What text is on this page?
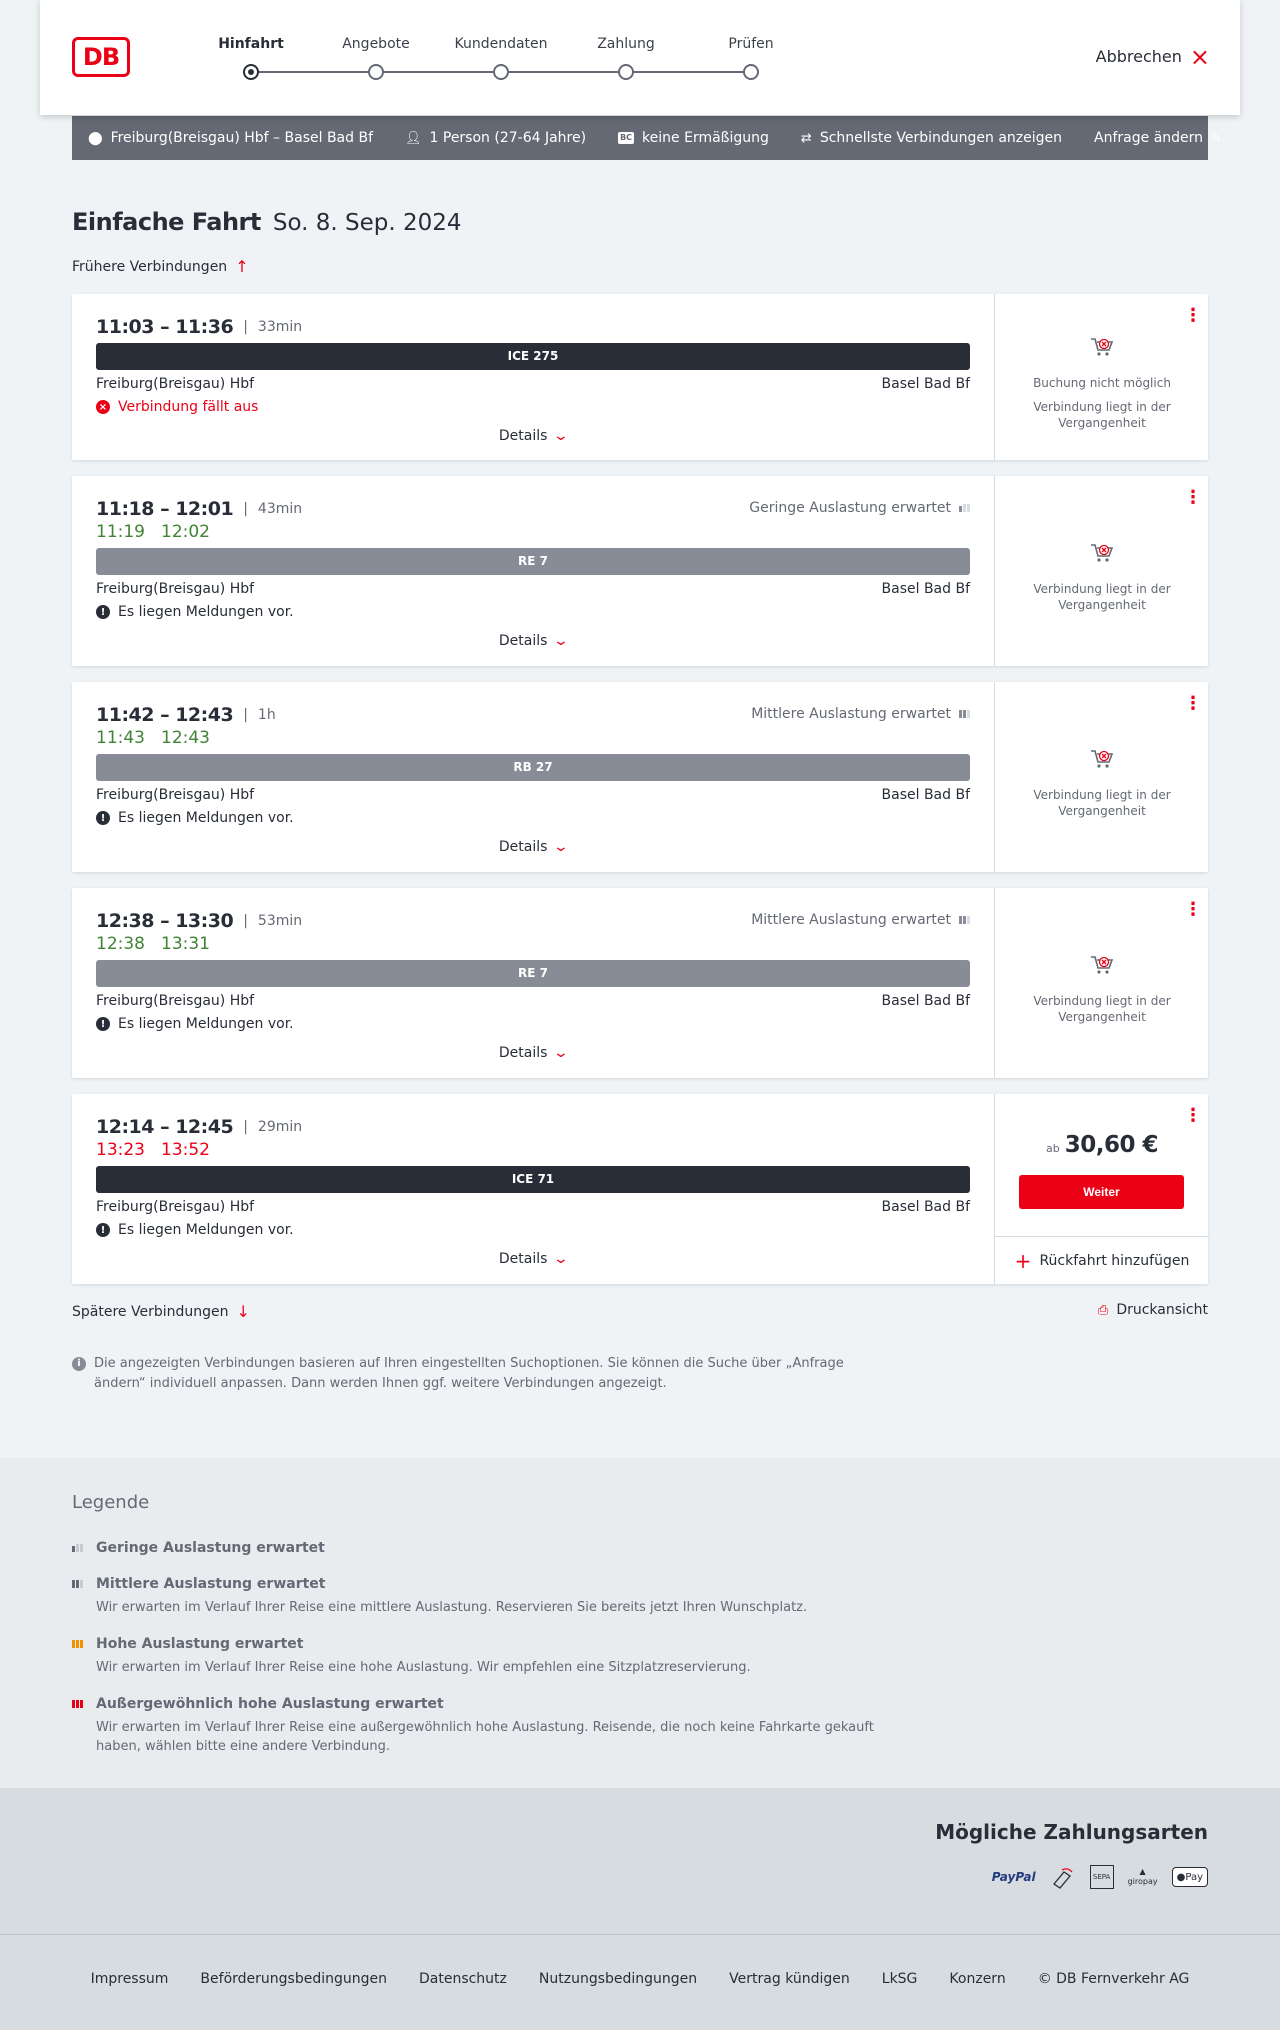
DB	Hinfahrt	Angebote	Kundendaten	Zahlung	Prüfen
Abbrechen ×
⬤ Freiburg(Breisgau) Hbf – Basel Bad Bf 👤︎ 1 Person (27-64 Jahre)	BC keine Ermäßigung ⇄ Schnellste Verbindungen anzeigen Anfrage ändern ✎
Einfache Fahrt So. 8. Sep. 2024
Frühere Verbindungen ↑
11:03 – 11:36 | 33min
ICE 275
Freiburg(Breisgau) Hbf	Basel Bad Bf
× Verbindung fällt aus
Details ⌄
⋮
Buchung nicht möglich
Verbindung liegt in der Vergangenheit
11:18 – 12:01 | 43min
11:19 12:02
Geringe Auslastung erwartet
RE 7
Freiburg(Breisgau) Hbf	Basel Bad Bf
! Es liegen Meldungen vor.
Details ⌄
⋮
Verbindung liegt in der Vergangenheit
11:42 – 12:43 | 1h
11:43 12:43
Mittlere Auslastung erwartet
RB 27
Freiburg(Breisgau) Hbf	Basel Bad Bf
! Es liegen Meldungen vor.
Details ⌄
⋮
Verbindung liegt in der Vergangenheit
12:38 – 13:30 | 53min
12:38 13:31
Mittlere Auslastung erwartet
RE 7
Freiburg(Breisgau) Hbf	Basel Bad Bf
! Es liegen Meldungen vor.
Details ⌄
⋮
Verbindung liegt in der Vergangenheit
12:14 – 12:45 | 29min
13:23 13:52
ICE 71
Freiburg(Breisgau) Hbf	Basel Bad Bf
! Es liegen Meldungen vor.
Details ⌄
⋮
ab 30,60 €
Weiter
+ Rückfahrt hinzufügen
Spätere Verbindungen ↓	⎙ Druckansicht
i	Die angezeigten Verbindungen basieren auf Ihren eingestellten Suchoptionen. Sie können die Suche über „Anfrage ändern“ individuell anpassen. Dann werden Ihnen ggf. weitere Verbindungen angezeigt.
Legende
Geringe Auslastung erwartet
Mittlere Auslastung erwartet
Wir erwarten im Verlauf Ihrer Reise eine mittlere Auslastung. Reservieren Sie bereits jetzt Ihren Wunschplatz.
Hohe Auslastung erwartet
Wir erwarten im Verlauf Ihrer Reise eine hohe Auslastung. Wir empfehlen eine Sitzplatzreservierung.
Außergewöhnlich hohe Auslastung erwartet
Wir erwarten im Verlauf Ihrer Reise eine außergewöhnlich hohe Auslastung. Reisende, die noch keine Fahrkarte gekauft haben, wählen bitte eine andere Verbindung.
Mögliche Zahlungsarten
PayPal	SEPA
▲
giropay ● Pay
Impressum Beförderungsbedingungen Datenschutz Nutzungsbedingungen Vertrag kündigen LkSG Konzern © DB Fernverkehr AG
